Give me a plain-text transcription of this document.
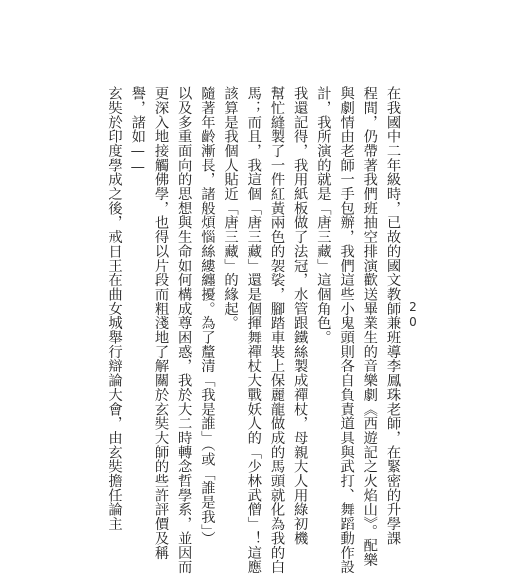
在我國中二年級時，已故的國文教師兼班導李鳳珠老師，在緊密的升學課
程間，仍帶著我們班抽空排演歡送畢業生的音樂劇《西遊記之火焰山》。配樂
與劇情由老師一手包辦，我們這些小鬼頭則各自負責道具與武打、舞蹈動作設
計，我所演的就是「唐三藏」這個角色。
我還記得，我用紙板做了法冠，水管跟鐵絲製成禪杖，母親大人用綠初機
幫忙縫製了一件紅黃兩色的袈裟，腳踏車裝上保麗龍做成的馬頭就化為我的白
馬；而且，我這個「唐三藏」還是個揮舞禪杖大戰妖人的「少林武僧」！這應
該算是我個人貼近「唐三藏」的緣起。
隨著年齡漸長，諸般煩惱絲縷纏擾。為了釐清「我是誰」（或「誰是我」）
以及多重面向的思想與生命如何構成尊困惑，我於大二時轉念哲學系，並因而
更深入地接觸佛學，也得以片段而粗淺地了解關於玄奘大師的些許評價及稱
譽，諸如——
玄奘於印度學成之後，戒日王在曲女城舉行辯論大會，由玄奘擔任論主	20
